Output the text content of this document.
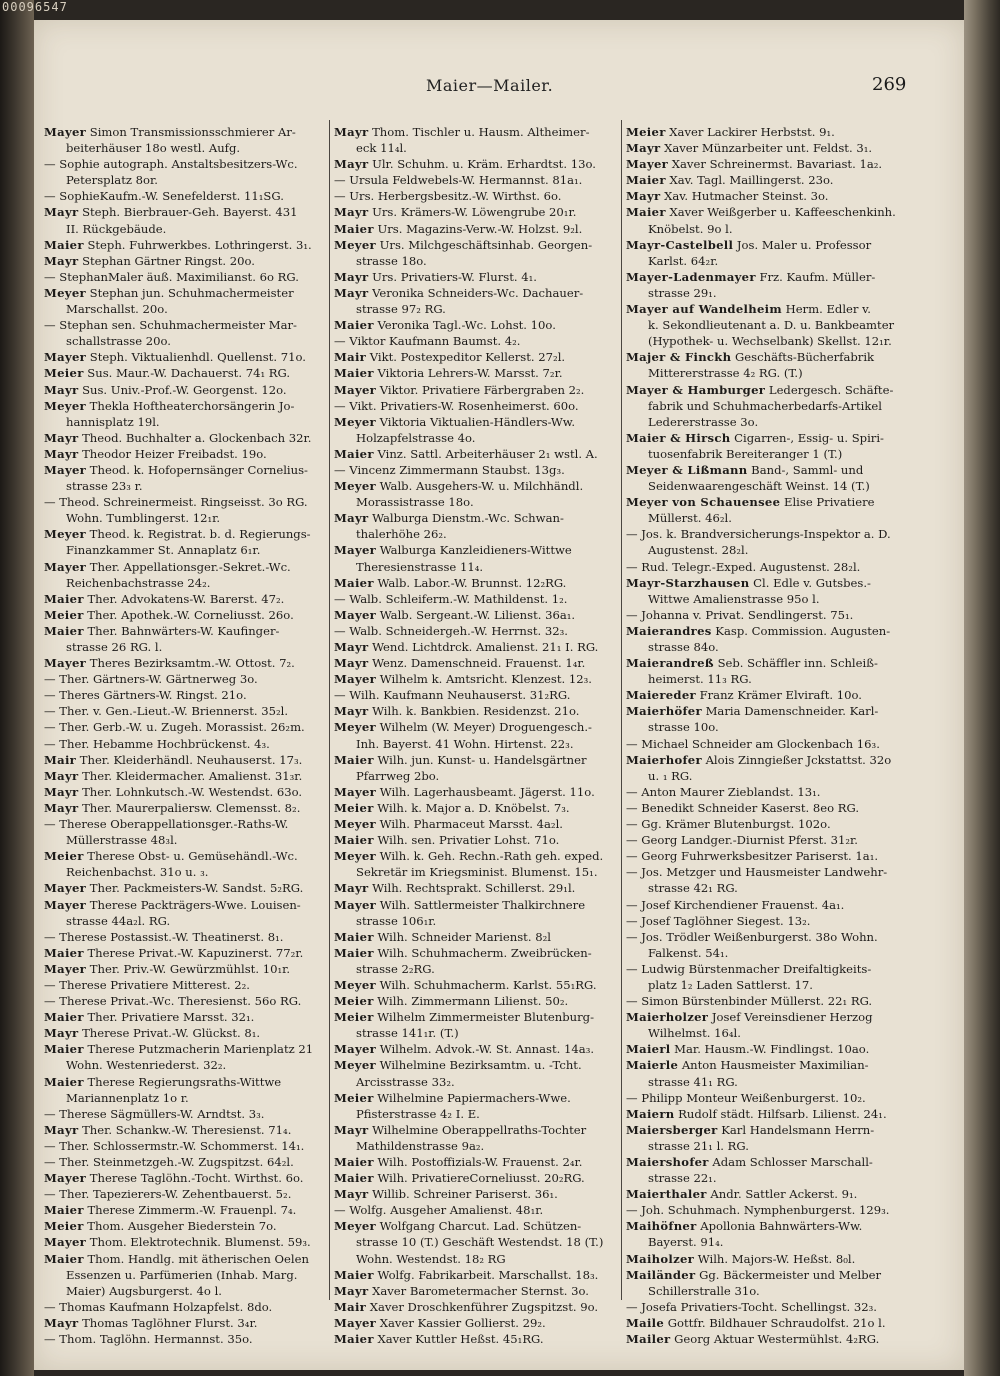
00096547
Maier—Mailer.	269
Mayer Simon Transmissionsschmierer Ar-
beiterhäuser 18o westl. Aufg.
— Sophie autograph. Anstaltsbesitzers-Wc.
Petersplatz 8or.
— SophieKaufm.-W. Senefelderst. 11₁SG.
Mayr Steph. Bierbrauer-Geh. Bayerst. 431
II. Rückgebäude.
Maier Steph. Fuhrwerkbes. Lothringerst. 3₁.
Mayr Stephan Gärtner Ringst. 20o.
— StephanMaler äuß. Maximilianst. 6o RG.
Meyer Stephan jun. Schuhmachermeister
Marschallst. 20o.
— Stephan sen. Schuhmachermeister Mar-
schallstrasse 20o.
Mayer Steph. Viktualienhdl. Quellenst. 71o.
Meier Sus. Maur.-W. Dachauerst. 74₁ RG.
Mayr Sus. Univ.-Prof.-W. Georgenst. 12o.
Meyer Thekla Hoftheaterchorsängerin Jo-
hannisplatz 19l.
Mayr Theod. Buchhalter a. Glockenbach 32r.
Mayr Theodor Heizer Freibadst. 19o.
Mayer Theod. k. Hofopernsänger Cornelius-
strasse 23₃ r.
— Theod. Schreinermeist. Ringseisst. 3o RG.
Wohn. Tumblingerst. 12₁r.
Meyer Theod. k. Registrat. b. d. Regierungs-
Finanzkammer St. Annaplatz 6₁r.
Mayer Ther. Appellationsger.-Sekret.-Wc.
Reichenbachstrasse 24₂.
Maier Ther. Advokatens-W. Barerst. 47₂.
Meier Ther. Apothek.-W. Corneliusst. 26o.
Maier Ther. Bahnwärters-W. Kaufinger-
strasse 26 RG. l.
Mayer Theres Bezirksamtm.-W. Ottost. 7₂.
— Ther. Gärtners-W. Gärtnerweg 3o.
— Theres Gärtners-W. Ringst. 21o.
— Ther. v. Gen.-Lieut.-W. Briennerst. 35₂l.
— Ther. Gerb.-W. u. Zugeh. Morassist. 26₂m.
— Ther. Hebamme Hochbrückenst. 4₃.
Mair Ther. Kleiderhändl. Neuhauserst. 17₃.
Mayr Ther. Kleidermacher. Amalienst. 31₃r.
Mayr Ther. Lohnkutsch.-W. Westendst. 63o.
Mayr Ther. Maurerpaliersw. Clemensst. 8₂.
— Therese Oberappellationsger.-Raths-W.
Müllerstrasse 48₃l.
Meier Therese Obst- u. Gemüsehändl.-Wc.
Reichenbachst. 31o u. ₃.
Mayer Ther. Packmeisters-W. Sandst. 5₂RG.
Mayer Therese Packträgers-Wwe. Louisen-
strasse 44a₂l. RG.
— Therese Postassist.-W. Theatinerst. 8₁.
Maier Therese Privat.-W. Kapuzinerst. 77₂r.
Mayer Ther. Priv.-W. Gewürzmühlst. 10₁r.
— Therese Privatiere Mitterest. 2₂.
— Therese Privat.-Wc. Theresienst. 56o RG.
Maier Ther. Privatiere Marsst. 32₁.
Mayr Therese Privat.-W. Glückst. 8₁.
Maier Therese Putzmacherin Marienplatz 21
Wohn. Westenriederst. 32₂.
Maier Therese Regierungsraths-Wittwe
Mariannenplatz 1o r.
— Therese Sägmüllers-W. Arndtst. 3₃.
Mayr Ther. Schankw.-W. Theresienst. 71₄.
— Ther. Schlossermstr.-W. Schommerst. 14₁.
— Ther. Steinmetzgeh.-W. Zugspitzst. 64₂l.
Mayer Therese Taglöhn.-Tocht. Wirthst. 6o.
— Ther. Tapezierers-W. Zehentbauerst. 5₂.
Maier Therese Zimmerm.-W. Frauenpl. 7₄.
Meier Thom. Ausgeher Biederstein 7o.
Mayer Thom. Elektrotechnik. Blumenst. 59₃.
Maier Thom. Handlg. mit ätherischen Oelen
Essenzen u. Parfümerien (Inhab. Marg.
Maier) Augsburgerst. 4o l.
— Thomas Kaufmann Holzapfelst. 8do.
Mayr Thomas Taglöhner Flurst. 3₄r.
— Thom. Taglöhn. Hermannst. 35o.
Mayr Thom. Tischler u. Hausm. Altheimer-
eck 11₄l.
Mayr Ulr. Schuhm. u. Kräm. Erhardtst. 13o.
— Ursula Feldwebels-W. Hermannst. 81a₁.
— Urs. Herbergsbesitz.-W. Wirthst. 6o.
Mayr Urs. Krämers-W. Löwengrube 20₁r.
Maier Urs. Magazins-Verw.-W. Holzst. 9₂l.
Meyer Urs. Milchgeschäftsinhab. Georgen-
strasse 18o.
Mayr Urs. Privatiers-W. Flurst. 4₁.
Mayr Veronika Schneiders-Wc. Dachauer-
strasse 97₂ RG.
Maier Veronika Tagl.-Wc. Lohst. 10o.
— Viktor Kaufmann Baumst. 4₂.
Mair Vikt. Postexpeditor Kellerst. 27₂l.
Maier Viktoria Lehrers-W. Marsst. 7₂r.
Mayer Viktor. Privatiere Färbergraben 2₂.
— Vikt. Privatiers-W. Rosenheimerst. 60o.
Meyer Viktoria Viktualien-Händlers-Ww.
Holzapfelstrasse 4o.
Maier Vinz. Sattl. Arbeiterhäuser 2₁ wstl. A.
— Vincenz Zimmermann Staubst. 13g₃.
Meyer Walb. Ausgehers-W. u. Milchhändl.
Morassistrasse 18o.
Mayr Walburga Dienstm.-Wc. Schwan-
thalerhöhe 26₂.
Mayer Walburga Kanzleidieners-Wittwe
Theresienstrasse 11₄.
Maier Walb. Labor.-W. Brunnst. 12₂RG.
— Walb. Schleiferm.-W. Mathildenst. 1₂.
Mayer Walb. Sergeant.-W. Lilienst. 36a₁.
— Walb. Schneidergeh.-W. Herrnst. 32₃.
Mayr Wend. Lichtdrck. Amalienst. 21₁ I. RG.
Mayr Wenz. Damenschneid. Frauenst. 1₄r.
Mayer Wilhelm k. Amtsricht. Klenzest. 12₃.
— Wilh. Kaufmann Neuhauserst. 31₂RG.
Mayr Wilh. k. Bankbien. Residenzst. 21o.
Meyer Wilhelm (W. Meyer) Droguengesch.-
Inh. Bayerst. 41 Wohn. Hirtenst. 22₃.
Maier Wilh. jun. Kunst- u. Handelsgärtner
Pfarrweg 2bo.
Mayer Wilh. Lagerhausbeamt. Jägerst. 11o.
Meier Wilh. k. Major a. D. Knöbelst. 7₃.
Meyer Wilh. Pharmaceut Marsst. 4a₂l.
Maier Wilh. sen. Privatier Lohst. 71o.
Meyer Wilh. k. Geh. Rechn.-Rath geh. exped.
Sekretär im Kriegsminist. Blumenst. 15₁.
Mayr Wilh. Rechtsprakt. Schillerst. 29₁l.
Mayer Wilh. Sattlermeister Thalkirchnere
strasse 106₁r.
Maier Wilh. Schneider Marienst. 8₂l
Maier Wilh. Schuhmacherm. Zweibrücken-
strasse 2₂RG.
Meyer Wilh. Schuhmacherm. Karlst. 55₁RG.
Meier Wilh. Zimmermann Lilienst. 50₂.
Meier Wilhelm Zimmermeister Blutenburg-
strasse 141₁r. (T.)
Mayer Wilhelm. Advok.-W. St. Annast. 14a₃.
Meyer Wilhelmine Bezirksamtm. u. -Tcht.
Arcisstrasse 33₂.
Meier Wilhelmine Papiermachers-Wwe.
Pfisterstrasse 4₂ I. E.
Mayr Wilhelmine Oberappellraths-Tochter
Mathildenstrasse 9a₂.
Maier Wilh. Postoffizials-W. Frauenst. 2₄r.
Maier Wilh. PrivatiereCorneliusst. 20₂RG.
Mayr Willib. Schreiner Pariserst. 36₁.
— Wolfg. Ausgeher Amalienst. 48₁r.
Meyer Wolfgang Charcut. Lad. Schützen-
strasse 10 (T.) Geschäft Westendst. 18 (T.)
Wohn. Westendst. 18₂ RG
Maier Wolfg. Fabrikarbeit. Marschallst. 18₃.
Mayr Xaver Barometermacher Sternst. 3o.
Mair Xaver Droschkenführer Zugspitzst. 9o.
Mayer Xaver Kassier Gollierst. 29₂.
Maier Xaver Kuttler Heßst. 45₁RG.
Meier Xaver Lackirer Herbstst. 9₁.
Mayr Xaver Münzarbeiter unt. Feldst. 3₁.
Mayer Xaver Schreinermst. Bavariast. 1a₂.
Maier Xav. Tagl. Maillingerst. 23o.
Mayr Xav. Hutmacher Steinst. 3o.
Maier Xaver Weißgerber u. Kaffeeschenkinh.
Knöbelst. 9o l.
Mayr-Castelbell Jos. Maler u. Professor
Karlst. 64₂r.
Mayer-Ladenmayer Frz. Kaufm. Müller-
strasse 29₁.
Mayer auf Wandelheim Herm. Edler v.
k. Sekondlieutenant a. D. u. Bankbeamter
(Hypothek- u. Wechselbank) Skellst. 12₁r.
Majer & Finckh Geschäfts-Bücherfabrik
Mittererstrasse 4₂ RG. (T.)
Mayer & Hamburger Ledergesch. Schäfte-
fabrik und Schuhmacherbedarfs-Artikel
Ledererstrasse 3o.
Maier & Hirsch Cigarren-, Essig- u. Spiri-
tuosenfabrik Bereiteranger 1 (T.)
Meyer & Lißmann Band-, Samml- und
Seidenwaarengeschäft Weinst. 14 (T.)
Meyer von Schauensee Elise Privatiere
Müllerst. 46₂l.
— Jos. k. Brandversicherungs-Inspektor a. D.
Augustenst. 28₂l.
— Rud. Telegr.-Exped. Augustenst. 28₂l.
Mayr-Starzhausen Cl. Edle v. Gutsbes.-
Wittwe Amalienstrasse 95o l.
— Johanna v. Privat. Sendlingerst. 75₁.
Maierandres Kasp. Commission. Augusten-
strasse 84o.
Maierandreß Seb. Schäffler inn. Schleiß-
heimerst. 11₃ RG.
Maiereder Franz Krämer Elviraft. 10o.
Maierhöfer Maria Damenschneider. Karl-
strasse 10o.
— Michael Schneider am Glockenbach 16₃.
Maierhofer Alois Zinngießer Jckstattst. 32o
u. ₁ RG.
— Anton Maurer Zieblandst. 13₁.
— Benedikt Schneider Kaserst. 8eo RG.
— Gg. Krämer Blutenburgst. 102o.
— Georg Landger.-Diurnist Pferst. 31₂r.
— Georg Fuhrwerksbesitzer Pariserst. 1a₁.
— Jos. Metzger und Hausmeister Landwehr-
strasse 42₁ RG.
— Josef Kirchendiener Frauenst. 4a₁.
— Josef Taglöhner Siegest. 13₂.
— Jos. Trödler Weißenburgerst. 38o Wohn.
Falkenst. 54₁.
— Ludwig Bürstenmacher Dreifaltigkeits-
platz 1₂ Laden Sattlerst. 17.
— Simon Bürstenbinder Müllerst. 22₁ RG.
Maierholzer Josef Vereinsdiener Herzog
Wilhelmst. 16₄l.
Maierl Mar. Hausm.-W. Findlingst. 10ao.
Maierle Anton Hausmeister Maximilian-
strasse 41₁ RG.
— Philipp Monteur Weißenburgerst. 10₂.
Maiern Rudolf städt. Hilfsarb. Lilienst. 24₁.
Maiersberger Karl Handelsmann Herrn-
strasse 21₁ l. RG.
Maiershofer Adam Schlosser Marschall-
strasse 22₁.
Maierthaler Andr. Sattler Ackerst. 9₁.
— Joh. Schuhmach. Nymphenburgerst. 129₃.
Maihöfner Apollonia Bahnwärters-Ww.
Bayerst. 91₄.
Maiholzer Wilh. Majors-W. Heßst. 8₀l.
Mailänder Gg. Bäckermeister und Melber
Schillerstralle 31o.
— Josefa Privatiers-Tocht. Schellingst. 32₃.
Maile Gottfr. Bildhauer Schraudolfst. 21o l.
Mailer Georg Aktuar Westermühlst. 4₂RG.
